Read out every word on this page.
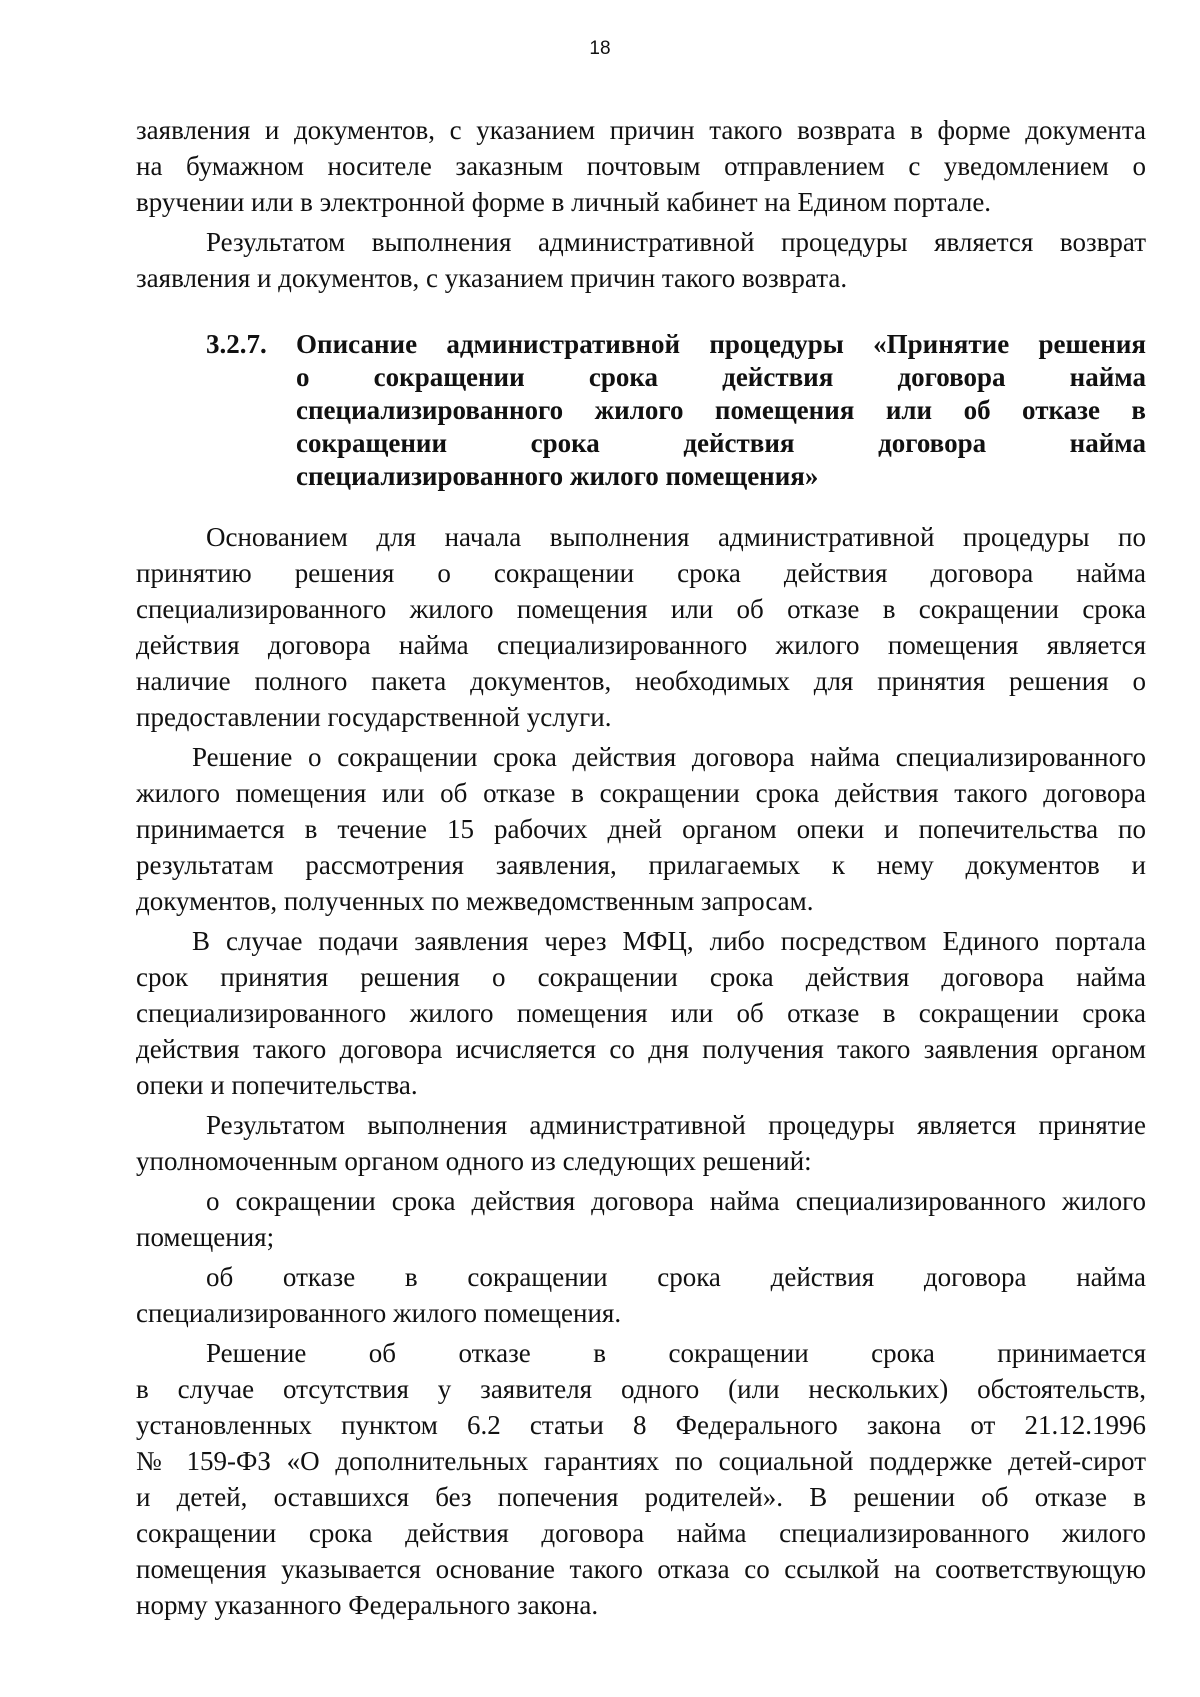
18
заявления и документов, с указанием причин такого возврата в форме документа
на бумажном носителе заказным почтовым отправлением с уведомлением о
вручении или в электронной форме в личный кабинет на Едином портале.
Результатом выполнения административной процедуры является возврат
заявления и документов, с указанием причин такого возврата.
3.2.7. Описание административной процедуры «Принятие решения
о сокращении срока действия договора найма
специализированного жилого помещения или об отказе в
сокращении срока действия договора найма
специализированного жилого помещения»
Основанием для начала выполнения административной процедуры по
принятию решения о сокращении срока действия договора найма
специализированного жилого помещения или об отказе в сокращении срока
действия договора найма специализированного жилого помещения является
наличие полного пакета документов, необходимых для принятия решения о
предоставлении государственной услуги.
Решение о сокращении срока действия договора найма специализированного
жилого помещения или об отказе в сокращении срока действия такого договора
принимается в течение 15 рабочих дней органом опеки и попечительства по
результатам рассмотрения заявления, прилагаемых к нему документов и
документов, полученных по межведомственным запросам.
В случае подачи заявления через МФЦ, либо посредством Единого портала
срок принятия решения о сокращении срока действия договора найма
специализированного жилого помещения или об отказе в сокращении срока
действия такого договора исчисляется со дня получения такого заявления органом
опеки и попечительства.
Результатом выполнения административной процедуры является принятие
уполномоченным органом одного из следующих решений:
о сокращении срока действия договора найма специализированного жилого
помещения;
об отказе в сокращении срока действия договора найма
специализированного жилого помещения.
Решение об отказе в сокращении срока принимается
в случае отсутствия у заявителя одного (или нескольких) обстоятельств,
установленных пунктом 6.2 статьи 8 Федерального закона от 21.12.1996
№ 159-ФЗ «О дополнительных гарантиях по социальной поддержке детей-сирот
и детей, оставшихся без попечения родителей». В решении об отказе в
сокращении срока действия договора найма специализированного жилого
помещения указывается основание такого отказа со ссылкой на соответствующую
норму указанного Федерального закона.
